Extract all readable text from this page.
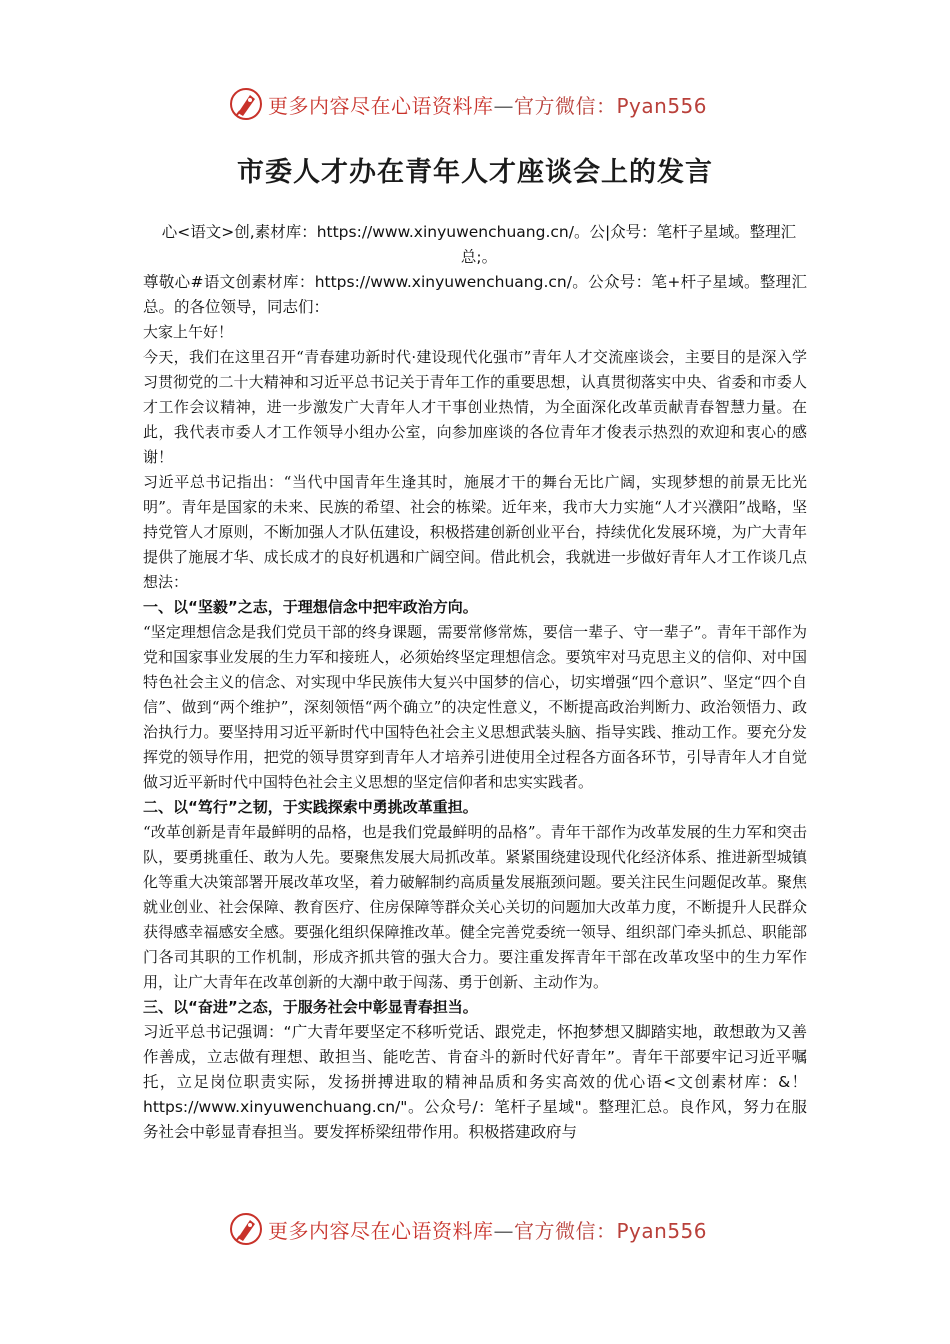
更多内容尽在心语资料库—官方微信：Pyan556
市委人才办在青年人才座谈会上的发言

心<语文>创,素材库：https://www.xinyuwenchuang.cn/。公|众号：笔杆子星域。整理汇总;。

尊敬心#语文创素材库：https://www.xinyuwenchuang.cn/。公众号：笔+杆子星域。整理汇总。的各位领导，同志们：

大家上午好！

今天，我们在这里召开“青春建功新时代·建设现代化强市”青年人才交流座谈会，主要目的是深入学习贯彻党的二十大精神和习近平总书记关于青年工作的重要思想，认真贯彻落实中央、省委和市委人才工作会议精神，进一步激发广大青年人才干事创业热情，为全面深化改革贡献青春智慧力量。在此，我代表市委人才工作领导小组办公室，向参加座谈的各位青年才俊表示热烈的欢迎和衷心的感谢！

习近平总书记指出：“当代中国青年生逢其时，施展才干的舞台无比广阔，实现梦想的前景无比光明”。青年是国家的未来、民族的希望、社会的栋梁。近年来，我市大力实施“人才兴濮阳”战略，坚持党管人才原则，不断加强人才队伍建设，积极搭建创新创业平台，持续优化发展环境，为广大青年提供了施展才华、成长成才的良好机遇和广阔空间。借此机会，我就进一步做好青年人才工作谈几点想法：

一、以“坚毅”之志，于理想信念中把牢政治方向。

“坚定理想信念是我们党员干部的终身课题，需要常修常炼，要信一辈子、守一辈子”。青年干部作为党和国家事业发展的生力军和接班人，必须始终坚定理想信念。要筑牢对马克思主义的信仰、对中国特色社会主义的信念、对实现中华民族伟大复兴中国梦的信心，切实增强“四个意识”、坚定“四个自信”、做到“两个维护”，深刻领悟“两个确立”的决定性意义，不断提高政治判断力、政治领悟力、政治执行力。要坚持用习近平新时代中国特色社会主义思想武装头脑、指导实践、推动工作。要充分发挥党的领导作用，把党的领导贯穿到青年人才培养引进使用全过程各方面各环节，引导青年人才自觉做习近平新时代中国特色社会主义思想的坚定信仰者和忠实实践者。

二、以“笃行”之韧，于实践探索中勇挑改革重担。

“改革创新是青年最鲜明的品格，也是我们党最鲜明的品格”。青年干部作为改革发展的生力军和突击队，要勇挑重任、敢为人先。要聚焦发展大局抓改革。紧紧围绕建设现代化经济体系、推进新型城镇化等重大决策部署开展改革攻坚，着力破解制约高质量发展瓶颈问题。要关注民生问题促改革。聚焦就业创业、社会保障、教育医疗、住房保障等群众关心关切的问题加大改革力度，不断提升人民群众获得感幸福感安全感。要强化组织保障推改革。健全完善党委统一领导、组织部门牵头抓总、职能部门各司其职的工作机制，形成齐抓共管的强大合力。要注重发挥青年干部在改革攻坚中的生力军作用，让广大青年在改革创新的大潮中敢于闯荡、勇于创新、主动作为。

三、以“奋进”之态，于服务社会中彰显青春担当。

习近平总书记强调：“广大青年要坚定不移听党话、跟党走，怀抱梦想又脚踏实地，敢想敢为又善作善成，立志做有理想、敢担当、能吃苦、肯奋斗的新时代好青年”。青年干部要牢记习近平嘱托，立足岗位职责实际，发扬拼搏进取的精神品质和务实高效的优心语<文创素材库：&！https://www.xinyuwenchuang.cn/"。公众号/：笔杆子星域"。整理汇总。良作风，努力在服务社会中彰显青春担当。要发挥桥梁纽带作用。积极搭建政府与

更多内容尽在心语资料库—官方微信：Pyan556
